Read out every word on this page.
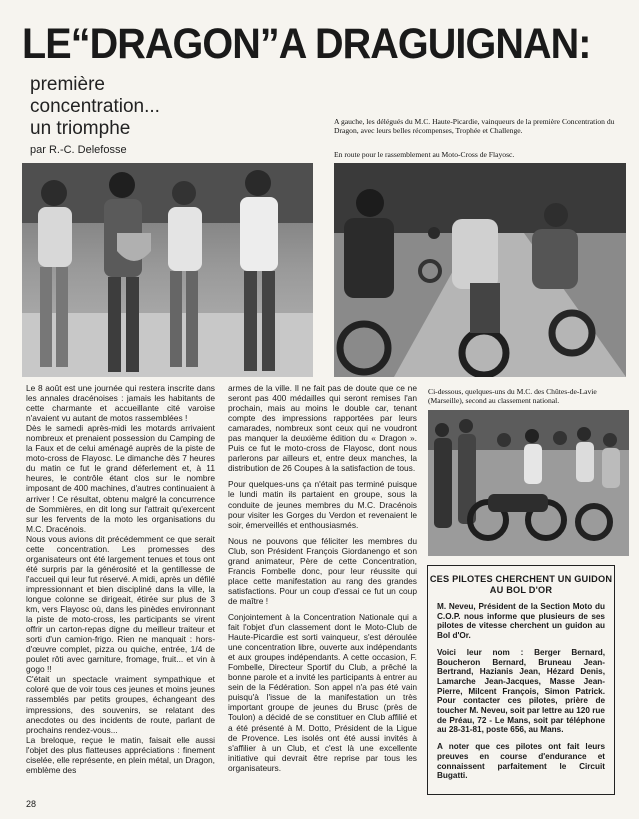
LE“DRAGON”A DRAGUIGNAN:
première
concentration...
un triomphe
par R.-C. Delefosse
A gauche, les délégués du M.C. Haute-Picardie, vainqueurs de la première Concentration du Dragon, avec leurs belles récompenses, Trophée et Challenge.
En route pour le rassemblement au Moto-Cross de Flayosc.
Ci-dessous, quelques-uns du M.C. des Chûtes-de-Lavie (Marseille), second au classement national.

Le 8 août est une journée qui restera inscrite dans les annales dracénoises : jamais les habitants de cette charmante et accueillante cité varoise n'avaient vu autant de motos rassemblées !

Dès le samedi après-midi les motards arrivaient nombreux et prenaient possession du Camping de la Faux et de celui aménagé auprès de la piste de moto-cross de Flayosc. Le dimanche dès 7 heures du matin ce fut le grand déferlement et, à 11 heures, le contrôle étant clos sur le nombre imposant de 400 machines, d'autres continuaient à arriver ! Ce résultat, obtenu malgré la concurrence de Sommières, en dit long sur l'attrait qu'exercent sur les fervents de la moto les organisations du M.C. Dracénois.

Nous vous avions dit précédemment ce que serait cette concentration. Les promesses des organisateurs ont été largement tenues et tous ont été surpris par la générosité et la gentillesse de l'accueil qui leur fut réservé. A midi, après un défilé impressionnant et bien discipliné dans la ville, la longue colonne se dirigeait, étirée sur plus de 3 km, vers Flayosc où, dans les pinèdes environnant la piste de moto-cross, les participants se virent offrir un carton-repas digne du meilleur traiteur et sorti d'un camion-frigo. Rien ne manquait : hors-d'œuvre complet, pizza ou quiche, entrée, 1/4 de poulet rôti avec garniture, fromage, fruit... et vin à gogo !!

C'était un spectacle vraiment sympathique et coloré que de voir tous ces jeunes et moins jeunes rassemblés par petits groupes, échangeant des impressions, des souvenirs, se relatant des anecdotes ou des incidents de route, parlant de prochains rendez-vous...

La breloque, reçue le matin, faisait elle aussi l'objet des plus flatteuses appréciations : finement ciselée, elle représente, en plein métal, un Dragon, emblème des

armes de la ville. Il ne fait pas de doute que ce ne seront pas 400 médailles qui seront remises l'an prochain, mais au moins le double car, tenant compte des impressions rapportées par leurs camarades, nombreux sont ceux qui ne voudront pas manquer la deuxième édition du « Dragon ». Puis ce fut le moto-cross de Flayosc, dont nous parlerons par ailleurs et, entre deux manches, la distribution de 26 Coupes à la satisfaction de tous.

Pour quelques-uns ça n'était pas terminé puisque le lundi matin ils partaient en groupe, sous la conduite de jeunes membres du M.C. Dracénois pour visiter les Gorges du Verdon et revenaient le soir, émerveillés et enthousiasmés.

Nous ne pouvons que féliciter les membres du Club, son Président François Giordanengo et son grand animateur, Père de cette Concentration, Francis Fombelle donc, pour leur réussite qui place cette manifestation au rang des grandes satisfactions. Pour un coup d'essai ce fut un coup de maître !

Conjointement à la Concentration Nationale qui a fait l'objet d'un classement dont le Moto-Club de Haute-Picardie est sorti vainqueur, s'est déroulée une concentration libre, ouverte aux indépendants et aux groupes indépendants. A cette occasion, F. Fombelle, Directeur Sportif du Club, a prêché la bonne parole et a invité les participants à entrer au sein de la Fédération. Son appel n'a pas été vain puisqu'à l'issue de la manifestation un très important groupe de jeunes du Brusc (près de Toulon) a décidé de se constituer en Club affilié et a été présenté à M. Dotto, Président de la Ligue de Provence. Les isolés ont été aussi invités à s'affilier à un Club, et c'est là une excellente initiative qui devrait être reprise par tous les organisateurs.

CES PILOTES CHERCHENT UN GUIDON AU BOL D'OR

M. Neveu, Président de la Section Moto du C.O.P. nous informe que plusieurs de ses pilotes de vitesse cherchent un guidon au Bol d'Or.

Voici leur nom : Berger Bernard, Boucheron Bernard, Bruneau Jean-Bertrand, Hazianis Jean, Hézard Denis, Lamarche Jean-Jacques, Masse Jean-Pierre, Milcent François, Simon Patrick. Pour contacter ces pilotes, prière de toucher M. Neveu, soit par lettre au 120 rue de Préau, 72 - Le Mans, soit par téléphone au 28-31-81, poste 656, au Mans.

A noter que ces pilotes ont fait leurs preuves en course d'endurance et connaissent parfaitement le Circuit Bugatti.

28
